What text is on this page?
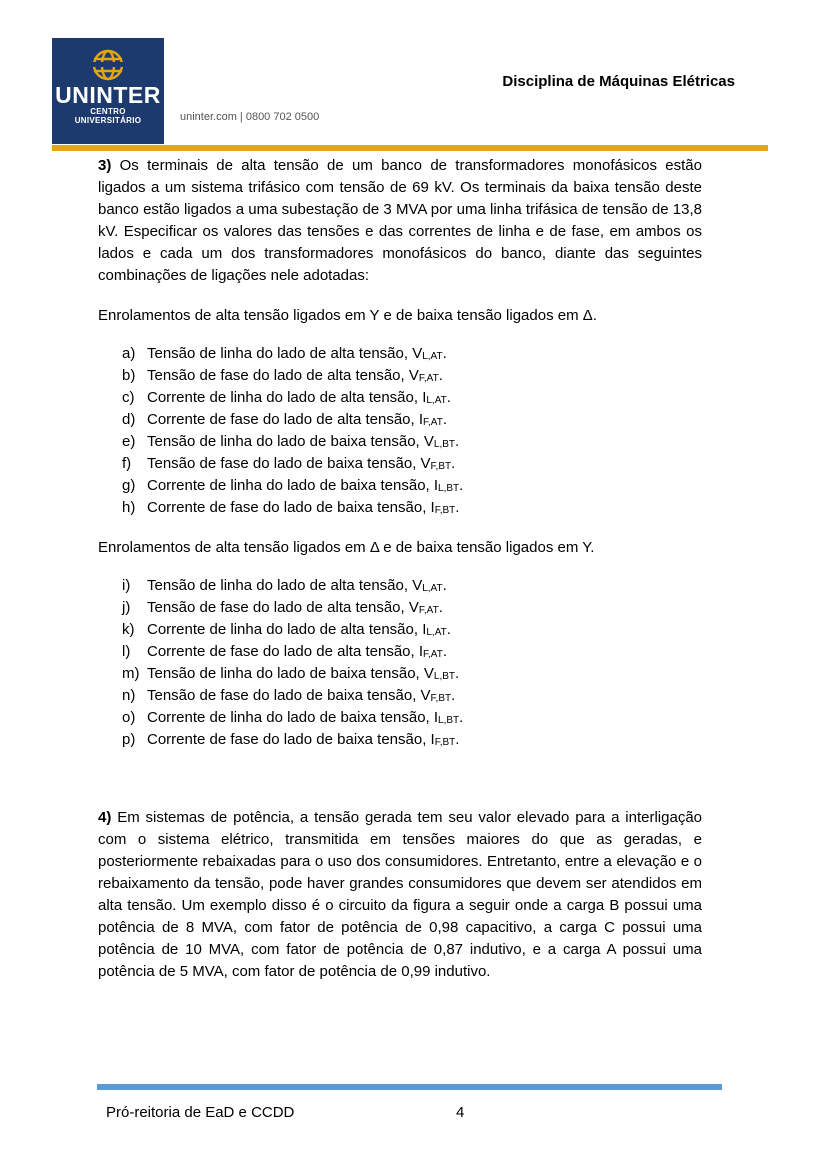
UNINTER
CENTRO
UNIVERSITÁRIO	uninter.com | 0800 702 0500
Disciplina de Máquinas Elétricas

3) Os terminais de alta tensão de um banco de transformadores monofásicos estão ligados a um sistema trifásico com tensão de 69 kV. Os terminais da baixa tensão deste banco estão ligados a uma subestação de 3 MVA por uma linha trifásica de tensão de 13,8 kV. Especificar os valores das tensões e das correntes de linha e de fase, em ambos os lados e cada um dos transformadores monofásicos do banco, diante das seguintes combinações de ligações nele adotadas:

Enrolamentos de alta tensão ligados em Y e de baixa tensão ligados em Δ.

a) Tensão de linha do lado de alta tensão, $V_{L,AT}$.
b) Tensão de fase do lado de alta tensão, $V_{F,AT}$.
c) Corrente de linha do lado de alta tensão, $I_{L,AT}$.
d) Corrente de fase do lado de alta tensão, $I_{F,AT}$.
e) Tensão de linha do lado de baixa tensão, $V_{L,BT}$.
f)	Tensão de fase do lado de baixa tensão, $V_{F,BT}$.
g) Corrente de linha do lado de baixa tensão, $I_{L,BT}$.
h) Corrente de fase do lado de baixa tensão, $I_{F,BT}$.

Enrolamentos de alta tensão ligados em Δ e de baixa tensão ligados em Y.

i)	Tensão de linha do lado de alta tensão, $V_{L,AT}$.
j)	Tensão de fase do lado de alta tensão, $V_{F,AT}$.
k) Corrente de linha do lado de alta tensão, $I_{L,AT}$.
l)	Corrente de fase do lado de alta tensão, $I_{F,AT}$.
m) Tensão de linha do lado de baixa tensão, $V_{L,BT}$.
n) Tensão de fase do lado de baixa tensão, $V_{F,BT}$.
o) Corrente de linha do lado de baixa tensão, $I_{L,BT}$.
p) Corrente de fase do lado de baixa tensão, $I_{F,BT}$.

4) Em sistemas de potência, a tensão gerada tem seu valor elevado para a interligação com o sistema elétrico, transmitida em tensões maiores do que as geradas, e posteriormente rebaixadas para o uso dos consumidores. Entretanto, entre a elevação e o rebaixamento da tensão, pode haver grandes consumidores que devem ser atendidos em alta tensão. Um exemplo disso é o circuito da figura a seguir onde a carga B possui uma potência de 8 MVA, com fator de potência de 0,98 capacitivo, a carga C possui uma potência de 10 MVA, com fator de potência de 0,87 indutivo, e a carga A possui uma potência de 5 MVA, com fator de potência de 0,99 indutivo.

Pró-reitoria de EaD e CCDD	4
